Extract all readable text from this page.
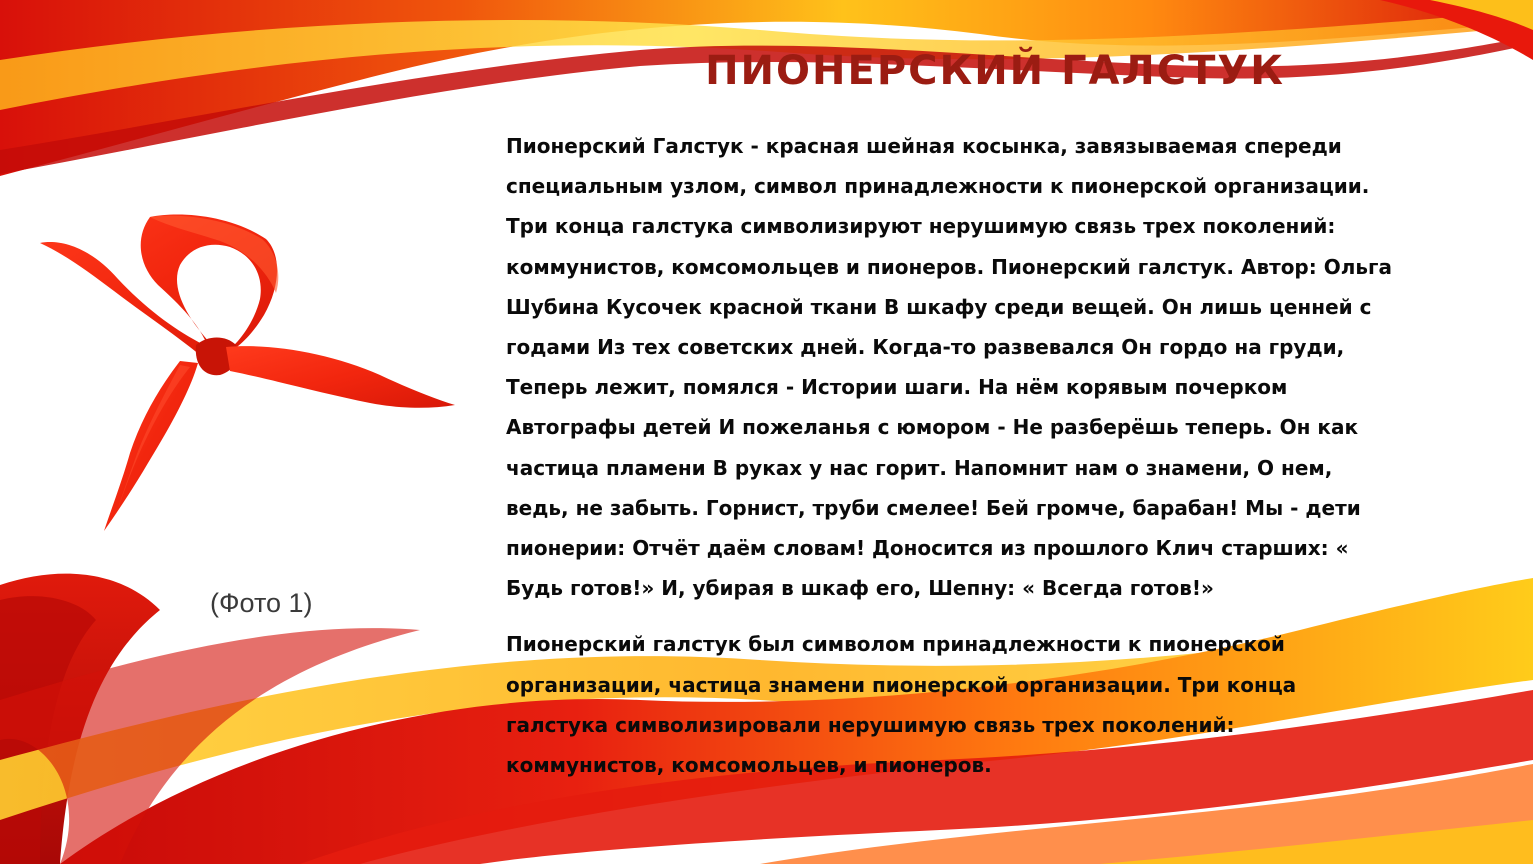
ПИОНЕРСКИЙ ГАЛСТУК
Пионерский Галстук - красная шейная косынка, завязываемая спереди
специальным узлом, символ принадлежности к пионерской организации.
Три конца галстука символизируют нерушимую связь трех поколений:
коммунистов, комсомольцев и пионеров. Пионерский галстук. Автор: Ольга
Шубина Кусочек красной ткани В шкафу среди вещей. Он лишь ценней с
годами Из тех советских дней. Когда-то развевался Он гордо на груди,
Теперь лежит, помялся - Истории шаги. На нём корявым почерком
Автографы детей И пожеланья с юмором - Не разберёшь теперь. Он как
частица пламени В руках у нас горит. Напомнит нам о знамени, О нем,
ведь, не забыть. Горнист, труби смелее! Бей громче, барабан! Мы - дети
пионерии: Отчёт даём словам! Доносится из прошлого Клич старших: «
Будь готов!» И, убирая в шкаф его, Шепну: « Всегда готов!»
Пионерский галстук был символом принадлежности к пионерской
организации, частица знамени пионерской организации. Три конца
галстука символизировали нерушимую связь трех поколений:
коммунистов, комсомольцев, и пионеров.
(Фото 1)
